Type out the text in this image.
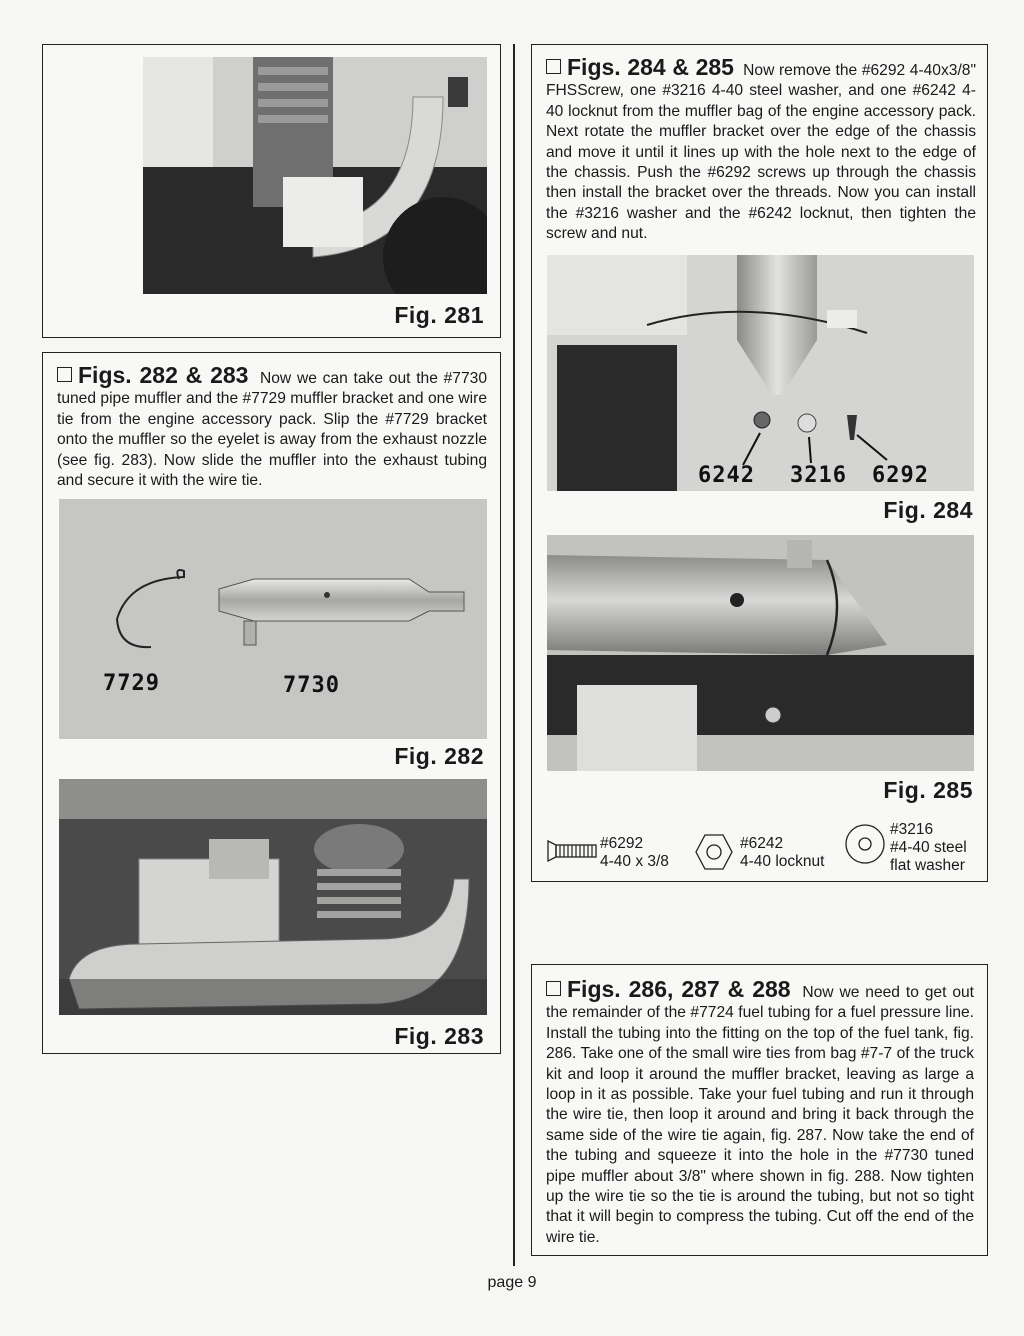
Fig. 281
Figs. 282 & 283 Now we can take out the #7730 tuned pipe muffler and the #7729 muffler bracket and one wire tie from the engine accessory pack. Slip the #7729 bracket onto the muffler so the eyelet is away from the exhaust nozzle (see fig. 283). Now slide the muffler into the exhaust tubing and secure it with the wire tie.
7729	7730
Fig. 282
Fig. 283
Figs. 284 & 285 Now remove the #6292 4-40x3/8" FHSScrew, one #3216 4-40 steel washer, and one #6242 4-40 locknut from the muffler bag of the engine accessory pack. Next rotate the muffler bracket over the edge of the chassis and move it until it lines up with the hole next to the edge of the chassis. Push the #6292 screws up through the chassis then install the bracket over the threads. Now you can install the #3216 washer and the #6242 locknut, then tighten the screw and nut.
6242 3216 6292
Fig. 284
Fig. 285
#6292
4-40 x 3/8
#6242
4-40 locknut
#3216
#4-40 steel
flat washer
Figs. 286, 287 & 288 Now we need to get out the remainder of the #7724 fuel tubing for a fuel pressure line. Install the tubing into the fitting on the top of the fuel tank, fig. 286. Take one of the small wire ties from bag #7-7 of the truck kit and loop it around the muffler bracket, leaving as large a loop in it as possible. Take your fuel tubing and run it through the wire tie, then loop it around and bring it back through the same side of the wire tie again, fig. 287. Now take the end of the tubing and squeeze it into the hole in the #7730 tuned pipe muffler about 3/8" where shown in fig. 288. Now tighten up the wire tie so the tie is around the tubing, but not so tight that it will begin to compress the tubing. Cut off the end of the wire tie.
page 9
